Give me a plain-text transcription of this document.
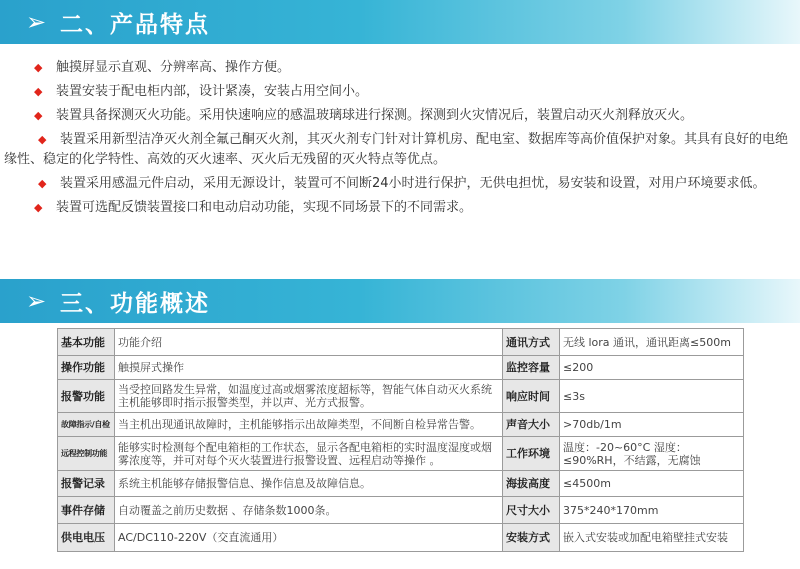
➢ 二、产品特点

◆ 触摸屏显示直观、分辨率高、操作方便。

◆ 装置安装于配电柜内部，设计紧凑，安装占用空间小。

◆ 装置具备探测灭火功能。采用快速响应的感温玻璃球进行探测。探测到火灾情况后，装置启动灭火剂释放灭火。

◆ 装置采用新型洁净灭火剂全氟己酮灭火剂，其灭火剂专门针对计算机房、配电室、数据库等高价值保护对象。其具有良好的电绝缘性、稳定的化学特性、高效的灭火速率、灭火后无残留的灭火特点等优点。

◆ 装置采用感温元件启动，采用无源设计，装置可不间断24小时进行保护，无供电担忧，易安装和设置，对用户环境要求低。

◆ 装置可选配反馈装置接口和电动启动功能，实现不同场景下的不同需求。

➢ 三、功能概述
基本功能	功能介绍	通讯方式	无线 lora 通讯，通讯距离≤500m
操作功能	触摸屏式操作	监控容量	≤200
报警功能	当受控回路发生异常，如温度过高或烟雾浓度超标等，智能气体自动灭火系统主机能够即时指示报警类型，并以声、光方式报警。	响应时间	≤3s
故障指示/自检	当主机出现通讯故障时，主机能够指示出故障类型，不间断自检异常告警。	声音大小	>70db/1m
远程控制功能	能够实时检测每个配电箱柜的工作状态，显示各配电箱柜的实时温度湿度或烟雾浓度等，并可对每个灭火装置进行报警设置、远程启动等操作 。	工作环境	温度：-20~60°C 湿度：≤90%RH，不结露，无腐蚀
报警记录	系统主机能够存储报警信息、操作信息及故障信息。	海拔高度	≤4500m
事件存储	自动覆盖之前历史数据 、存储条数1000条。	尺寸大小	375*240*170mm
供电电压	AC/DC110-220V（交直流通用）	安装方式	嵌入式安装或加配电箱壁挂式安装
